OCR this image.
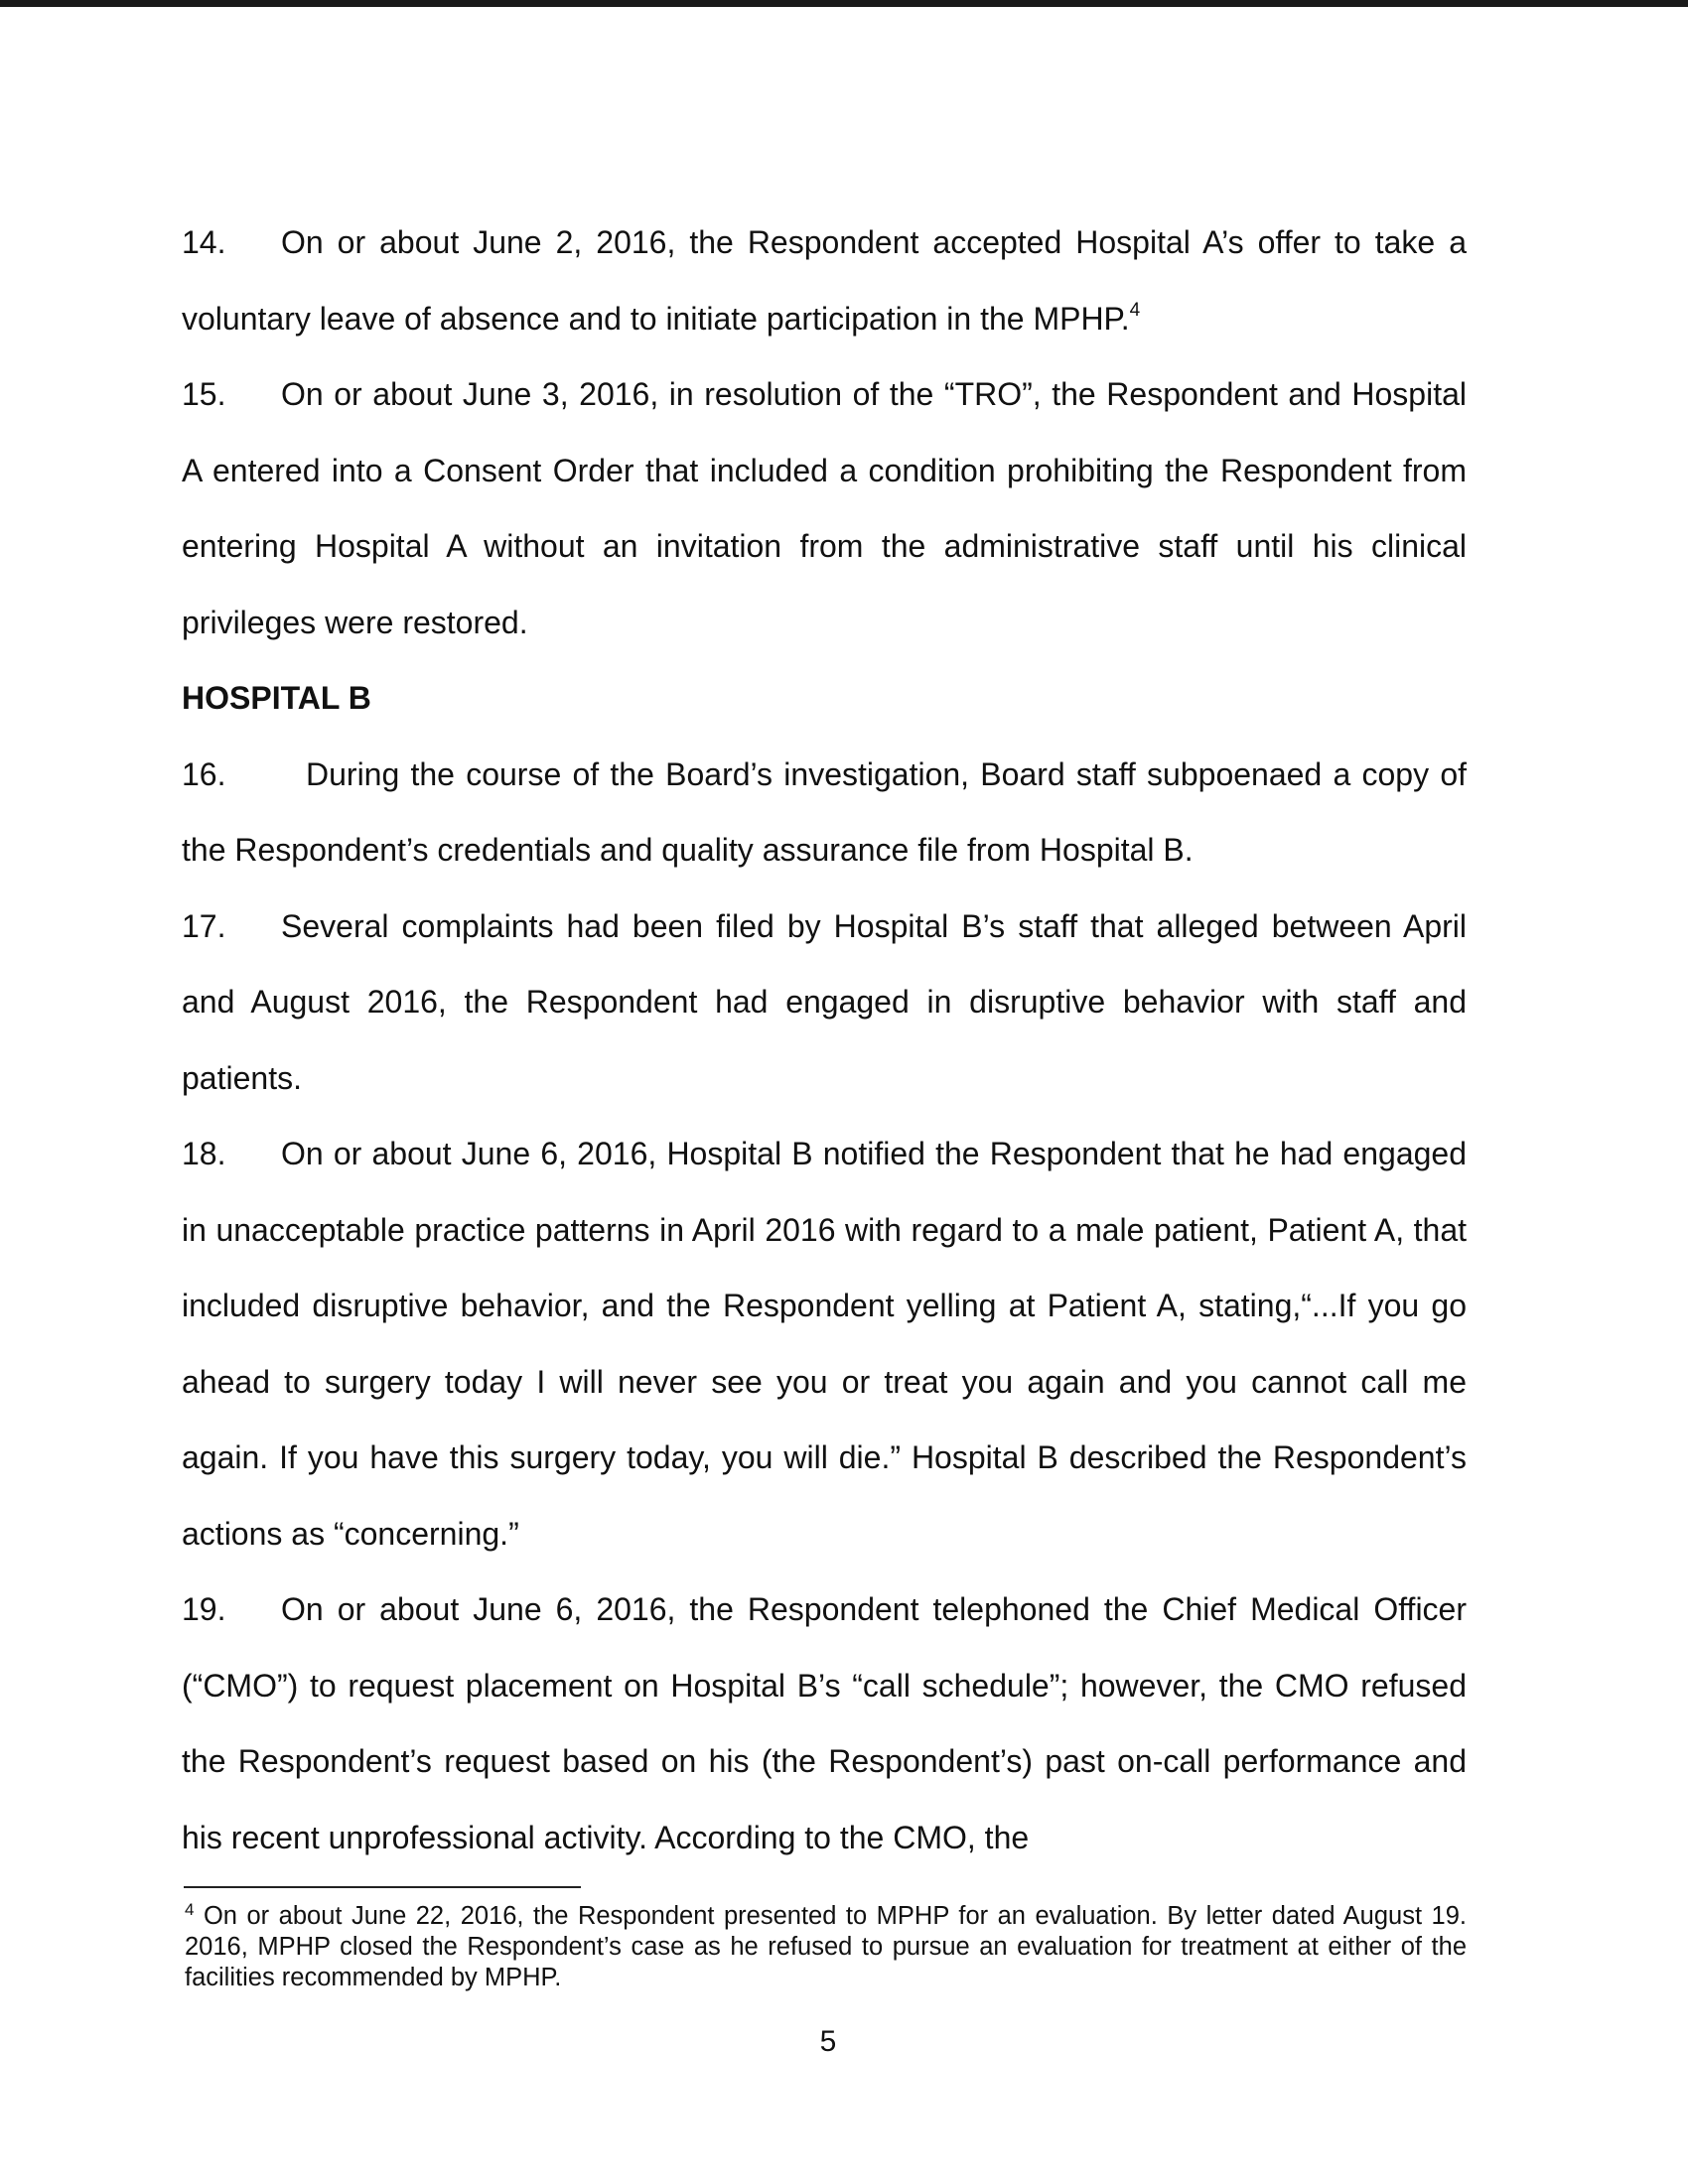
14. On or about June 2, 2016, the Respondent accepted Hospital A’s offer to take a voluntary leave of absence and to initiate participation in the MPHP.$^4$

15. On or about June 3, 2016, in resolution of the “TRO”, the Respondent and Hospital A entered into a Consent Order that included a condition prohibiting the Respondent from entering Hospital A without an invitation from the administrative staff until his clinical privileges were restored.

HOSPITAL B

16.	During the course of the Board’s investigation, Board staff subpoenaed a copy of the Respondent’s credentials and quality assurance file from Hospital B.

17. Several complaints had been filed by Hospital B’s staff that alleged between April and August 2016, the Respondent had engaged in disruptive behavior with staff and patients.

18. On or about June 6, 2016, Hospital B notified the Respondent that he had engaged in unacceptable practice patterns in April 2016 with regard to a male patient, Patient A, that included disruptive behavior, and the Respondent yelling at Patient A, stating,“...If you go ahead to surgery today I will never see you or treat you again and you cannot call me again. If you have this surgery today, you will die.” Hospital B described the Respondent’s actions as “concerning.”

19. On or about June 6, 2016, the Respondent telephoned the Chief Medical Officer (“CMO”) to request placement on Hospital B’s “call schedule”; however, the CMO refused the Respondent’s request based on his (the Respondent’s) past on-call performance and his recent unprofessional activity. According to the CMO, the

$^4$ On or about June 22, 2016, the Respondent presented to MPHP for an evaluation. By letter dated August 19. 2016, MPHP closed the Respondent’s case as he refused to pursue an evaluation for treatment at either of the facilities recommended by MPHP.

5
